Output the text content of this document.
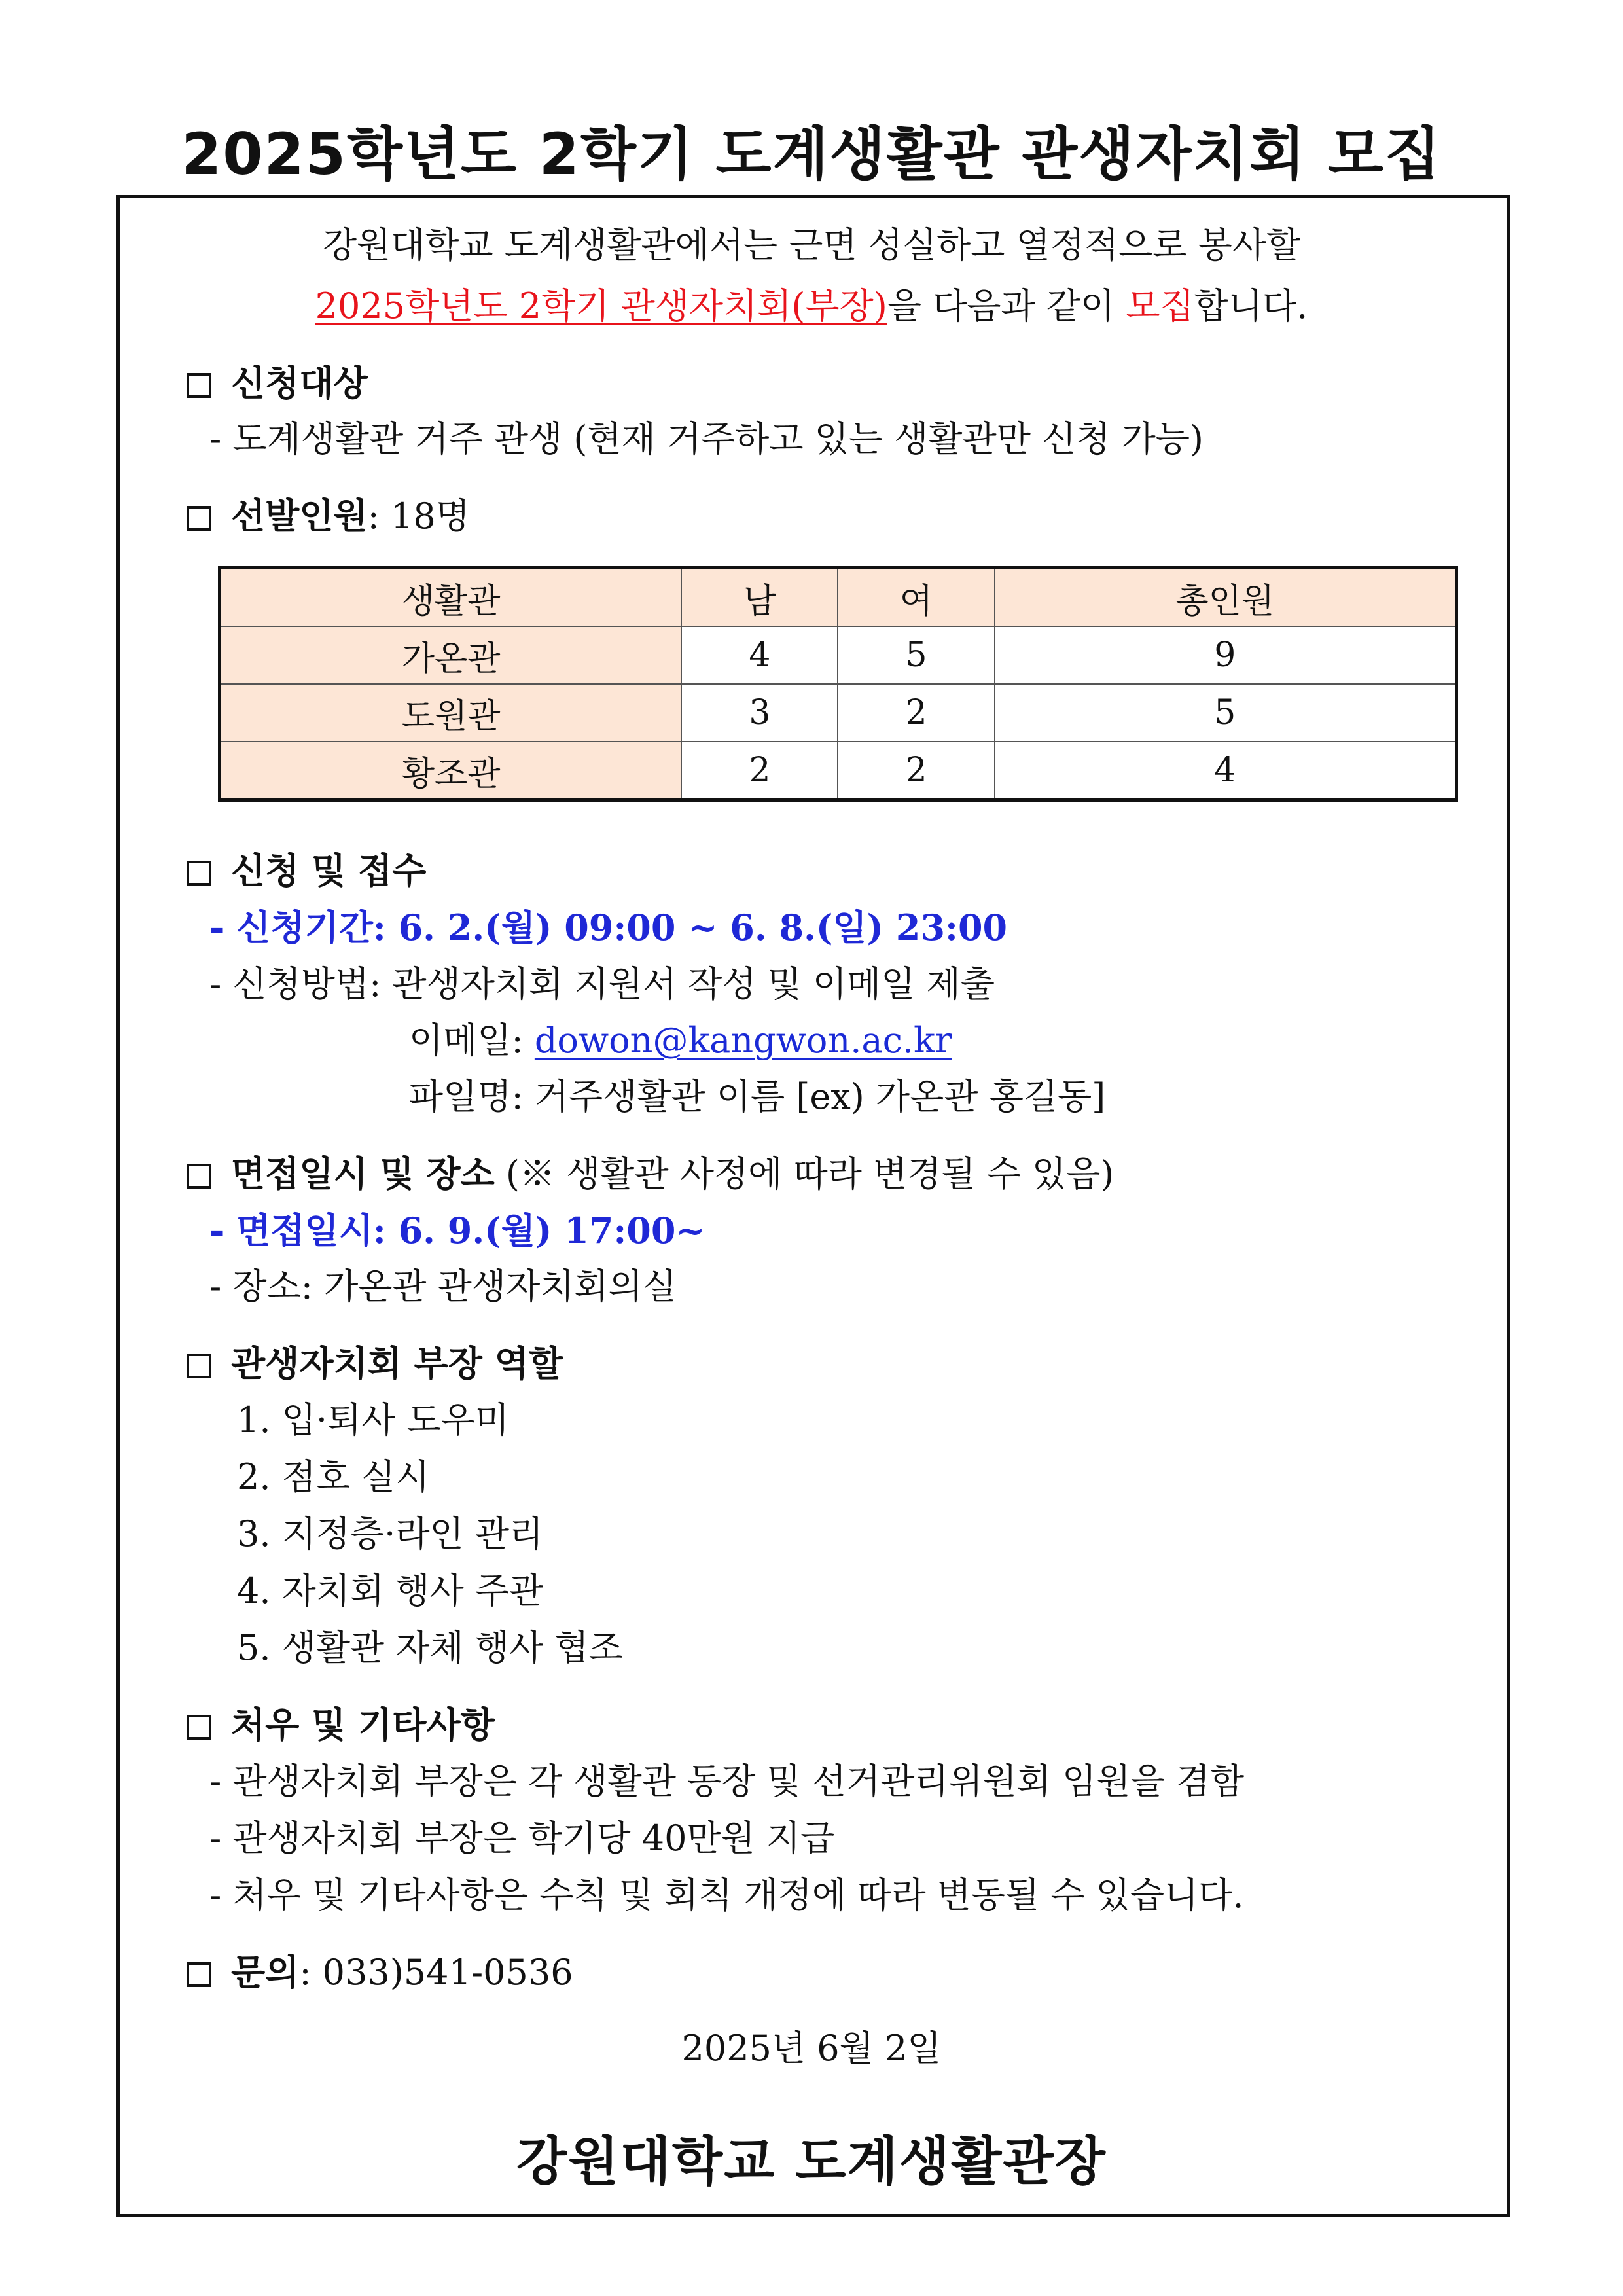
2025학년도 2학기 도계생활관 관생자치회 모집
강원대학교 도계생활관에서는 근면 성실하고 열정적으로 봉사할
2025학년도 2학기 관생자치회(부장)을 다음과 같이 모집합니다.
신청대상
- 도계생활관 거주 관생 (현재 거주하고 있는 생활관만 신청 가능)
선발인원: 18명
생활관	남	여	총인원
가온관	4	5	9
도원관	3	2	5
황조관	2	2	4
신청 및 접수
- 신청기간: 6. 2.(월) 09:00 ~ 6. 8.(일) 23:00
- 신청방법: 관생자치회 지원서 작성 및 이메일 제출
이메일: dowon@kangwon.ac.kr
파일명: 거주생활관 이름 [ex) 가온관 홍길동]
면접일시 및 장소 (※ 생활관 사정에 따라 변경될 수 있음)
- 면접일시: 6. 9.(월) 17:00~
- 장소: 가온관 관생자치회의실
관생자치회 부장 역할
1. 입·퇴사 도우미
2. 점호 실시
3. 지정층·라인 관리
4. 자치회 행사 주관
5. 생활관 자체 행사 협조
처우 및 기타사항
- 관생자치회 부장은 각 생활관 동장 및 선거관리위원회 임원을 겸함
- 관생자치회 부장은 학기당 40만원 지급
- 처우 및 기타사항은 수칙 및 회칙 개정에 따라 변동될 수 있습니다.
문의: 033)541-0536
2025년 6월 2일
강원대학교 도계생활관장
